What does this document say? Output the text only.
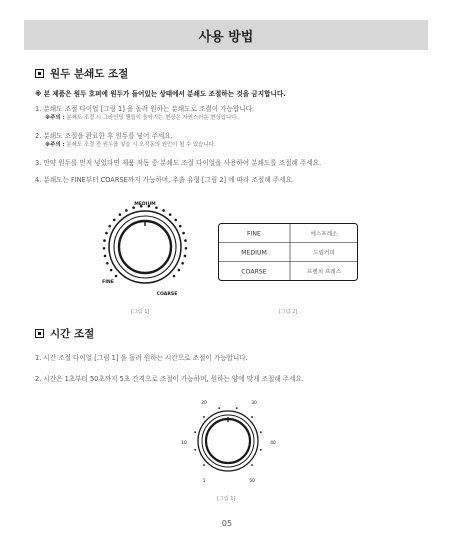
사용 방법
원두 분쇄도 조절
※ 본 제품은 원두 호퍼에 원두가 들어있는 상태에서 분쇄도 조절하는 것을 금지합니다.
1. 분쇄도 조절 다이얼 [그림 1] 을 돌려 원하는 분쇄도로 조절이 가능합니다.
※주의 : 분쇄도 조절 시 그라인딩 핸들이 돌아가는 현상은 자연스러운 현상입니다.
2. 분쇄도 조절을 완료한 후 원두를 넣어 주세요.
※주의 : 분쇄도 조절 전 원두를 넣을 시 오작동의 원인이 될 수 있습니다.
3. 만약 원두를 먼저 넣었다면 제품 작동 중 분쇄도 조절 다이얼을 사용하여 분쇄도를 조절해 주세요.
4. 분쇄도는 FINE부터 COARSE까지 가능하며, 추출 유형 [그림 2] 에 따라 조절해 주세요.
MEDIUM
FINE
COARSE
[그림 1]
FINE	에스프레소
MEDIUM	드립커피
COARSE	프렌치 프레스
[그림 2]
시간 조절
1. 시간 조절 다이얼 [그림 1] 을 돌려 원하는 시간으로 조절이 가능합니다.
2. 시간은 1초부터 50초까지 5초 간격으로 조절이 가능하며, 원하는 양에 맞게 조절해 주세요.
20	30
10	40
1	50
[그림 1]
05
